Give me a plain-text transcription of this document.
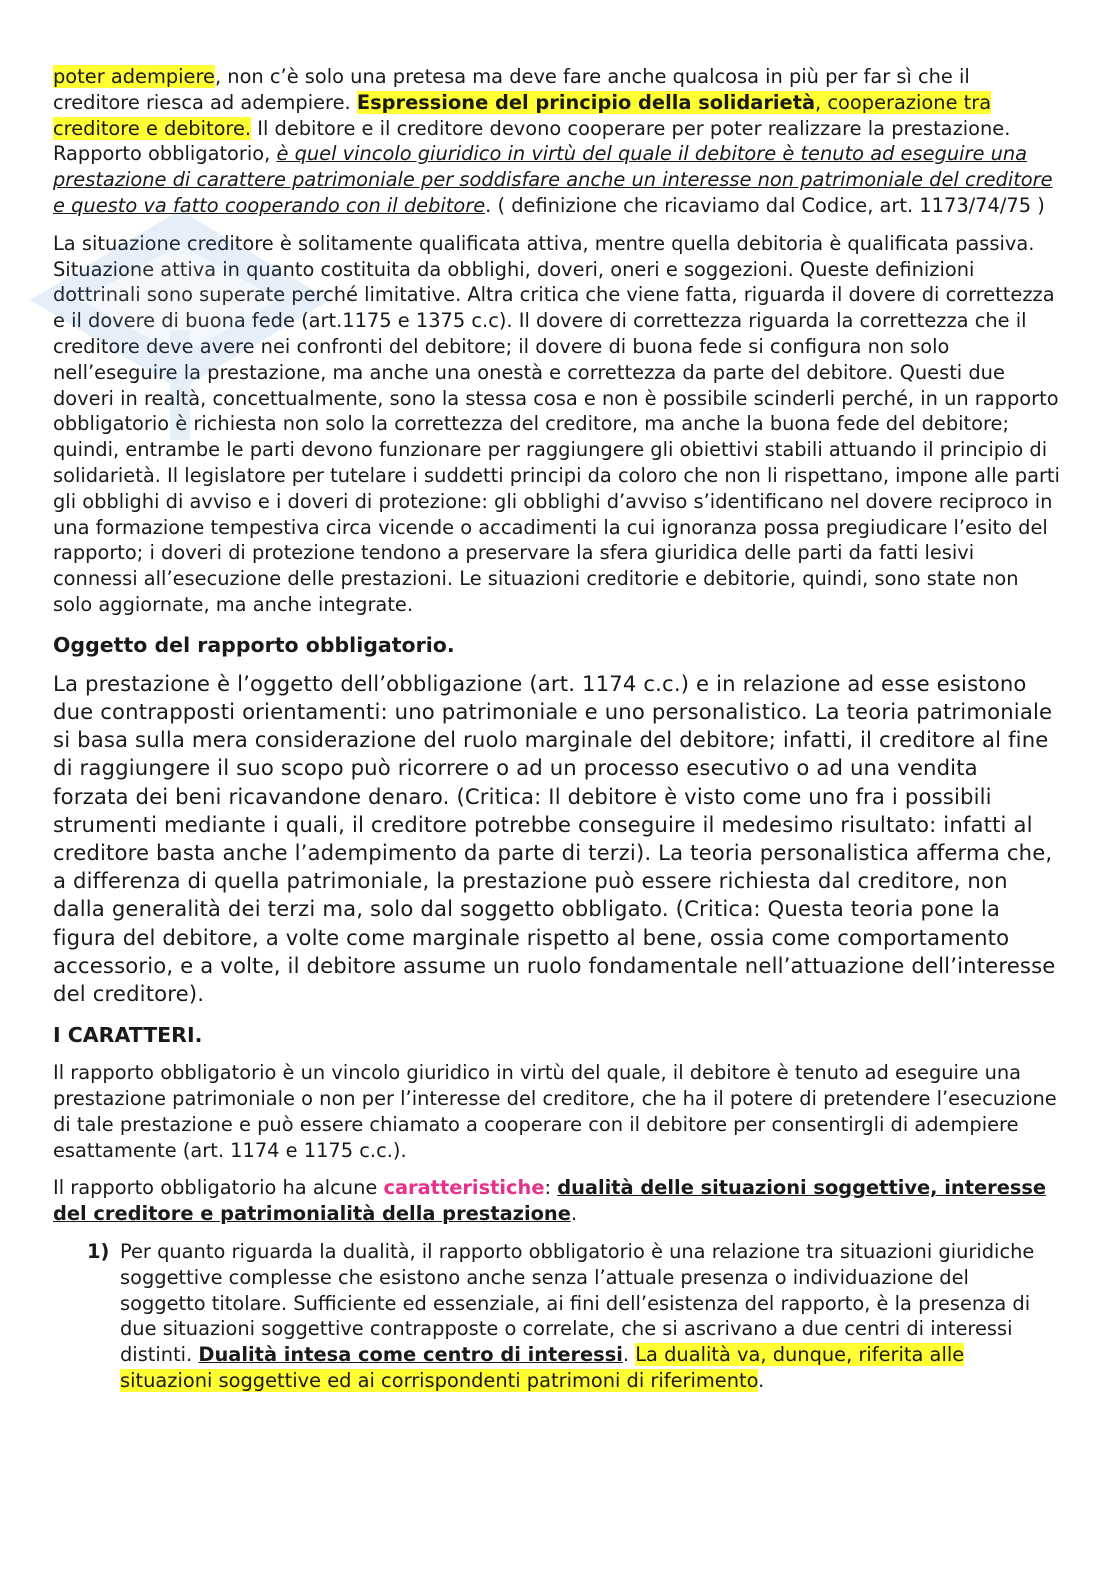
poter adempiere, non c’è solo una pretesa ma deve fare anche qualcosa in più per far sì che il creditore riesca ad adempiere. Espressione del principio della solidarietà, cooperazione tra creditore e debitore. Il debitore e il creditore devono cooperare per poter realizzare la prestazione. Rapporto obbligatorio, è quel vincolo giuridico in virtù del quale il debitore è tenuto ad eseguire una prestazione di carattere patrimoniale per soddisfare anche un interesse non patrimoniale del creditore e questo va fatto cooperando con il debitore. ( definizione che ricaviamo dal Codice, art. 1173/74/75 )

La situazione creditore è solitamente qualificata attiva, mentre quella debitoria è qualificata passiva. Situazione attiva in quanto costituita da obblighi, doveri, oneri e soggezioni. Queste definizioni dottrinali sono superate perché limitative. Altra critica che viene fatta, riguarda il dovere di correttezza e il dovere di buona fede (art.1175 e 1375 c.c). Il dovere di correttezza riguarda la correttezza che il creditore deve avere nei confronti del debitore; il dovere di buona fede si configura non solo nell’eseguire la prestazione, ma anche una onestà e correttezza da parte del debitore. Questi due doveri in realtà, concettualmente, sono la stessa cosa e non è possibile scinderli perché, in un rapporto obbligatorio è richiesta non solo la correttezza del creditore, ma anche la buona fede del debitore; quindi, entrambe le parti devono funzionare per raggiungere gli obiettivi stabili attuando il principio di solidarietà. Il legislatore per tutelare i suddetti principi da coloro che non li rispettano, impone alle parti gli obblighi di avviso e i doveri di protezione: gli obblighi d’avviso s’identificano nel dovere reciproco in una formazione tempestiva circa vicende o accadimenti la cui ignoranza possa pregiudicare l’esito del rapporto; i doveri di protezione tendono a preservare la sfera giuridica delle parti da fatti lesivi connessi all’esecuzione delle prestazioni. Le situazioni creditorie e debitorie, quindi, sono state non solo aggiornate, ma anche integrate.

Oggetto del rapporto obbligatorio.

La prestazione è l’oggetto dell’obbligazione (art. 1174 c.c.) e in relazione ad esse esistono due contrapposti orientamenti: uno patrimoniale e uno personalistico. La teoria patrimoniale si basa sulla mera considerazione del ruolo marginale del debitore; infatti, il creditore al fine di raggiungere il suo scopo può ricorrere o ad un processo esecutivo o ad una vendita forzata dei beni ricavandone denaro. (Critica: Il debitore è visto come uno fra i possibili strumenti mediante i quali, il creditore potrebbe conseguire il medesimo risultato: infatti al creditore basta anche l’adempimento da parte di terzi). La teoria personalistica afferma che, a differenza di quella patrimoniale, la prestazione può essere richiesta dal creditore, non dalla generalità dei terzi ma, solo dal soggetto obbligato. (Critica: Questa teoria pone la figura del debitore, a volte come marginale rispetto al bene, ossia come comportamento accessorio, e a volte, il debitore assume un ruolo fondamentale nell’attuazione dell’interesse del creditore).

I CARATTERI.

Il rapporto obbligatorio è un vincolo giuridico in virtù del quale, il debitore è tenuto ad eseguire una prestazione patrimoniale o non per l’interesse del creditore, che ha il potere di pretendere l’esecuzione di tale prestazione e può essere chiamato a cooperare con il debitore per consentirgli di adempiere esattamente (art. 1174 e 1175 c.c.).

Il rapporto obbligatorio ha alcune caratteristiche: dualità delle situazioni soggettive, interesse del creditore e patrimonialità della prestazione.

1) Per quanto riguarda la dualità, il rapporto obbligatorio è una relazione tra situazioni giuridiche soggettive complesse che esistono anche senza l’attuale presenza o individuazione del soggetto titolare. Sufficiente ed essenziale, ai fini dell’esistenza del rapporto, è la presenza di due situazioni soggettive contrapposte o correlate, che si ascrivano a due centri di interessi distinti. Dualità intesa come centro di interessi. La dualità va, dunque, riferita alle situazioni soggettive ed ai corrispondenti patrimoni di riferimento.
